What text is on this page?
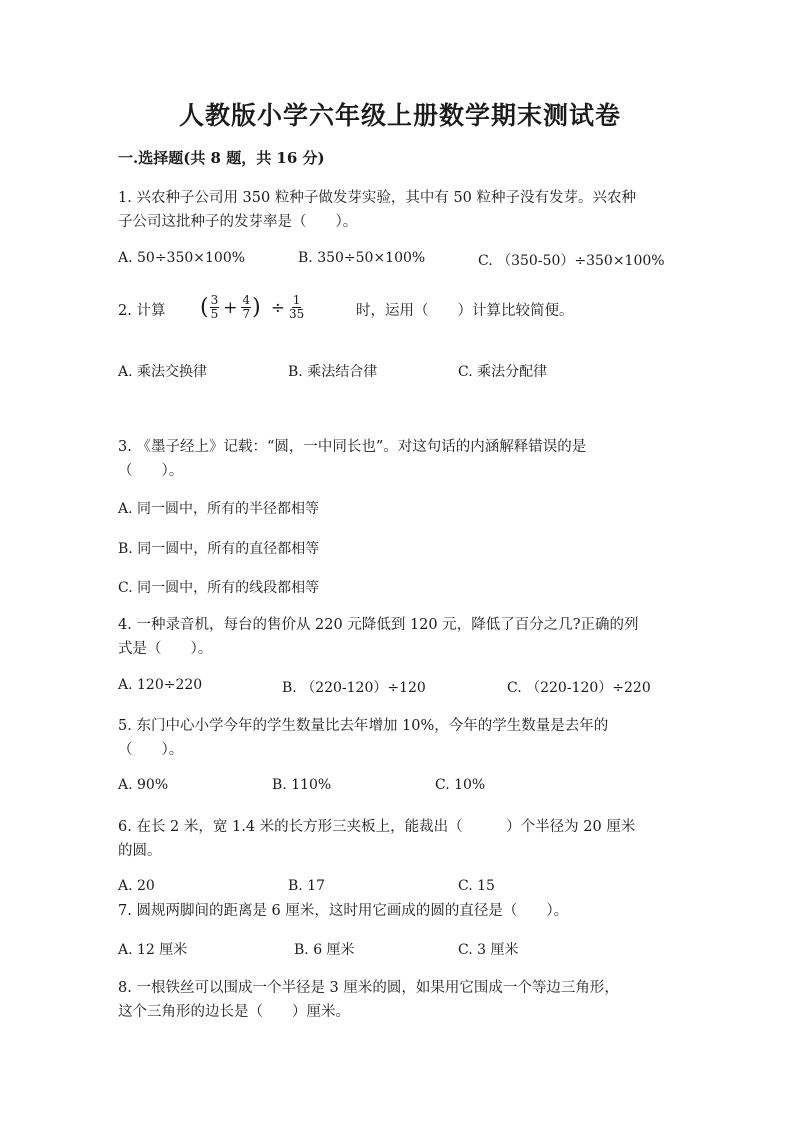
人教版小学六年级上册数学期末测试卷
一.选择题(共 8 题，共 16 分)
1. 兴农种子公司用 350 粒种子做发芽实验，其中有 50 粒种子没有发芽。兴农种
子公司这批种子的发芽率是（　　）。
A. 50÷350×100%	B. 350÷50×100%	C. （350-50）÷350×100%
2. 计算 ( $\frac{3}{5} + \frac{4}{7}$ ) ÷ $\frac{1}{35}$	时，运用（　　）计算比较简便。
A. 乘法交换律	B. 乘法结合律	C. 乘法分配律
3. 《墨子经上》记载：“圆，一中同长也”。对这句话的内涵解释错误的是
（　　）。
A. 同一圆中，所有的半径都相等
B. 同一圆中，所有的直径都相等
C. 同一圆中，所有的线段都相等
4. 一种录音机，每台的售价从 220 元降低到 120 元，降低了百分之几?正确的列
式是（　　）。
A. 120÷220	B. （220-120）÷120	C. （220-120）÷220
5. 东门中心小学今年的学生数量比去年增加 10%，今年的学生数量是去年的
（　　）。
A. 90%	B. 110%	C. 10%
6. 在长 2 米，宽 1.4 米的长方形三夹板上，能裁出（　　　）个半径为 20 厘米
的圆。
A. 20	B. 17	C. 15
7. 圆规两脚间的距离是 6 厘米，这时用它画成的圆的直径是（　　）。
A. 12 厘米	B. 6 厘米	C. 3 厘米
8. 一根铁丝可以围成一个半径是 3 厘米的圆，如果用它围成一个等边三角形，
这个三角形的边长是（　　）厘米。
